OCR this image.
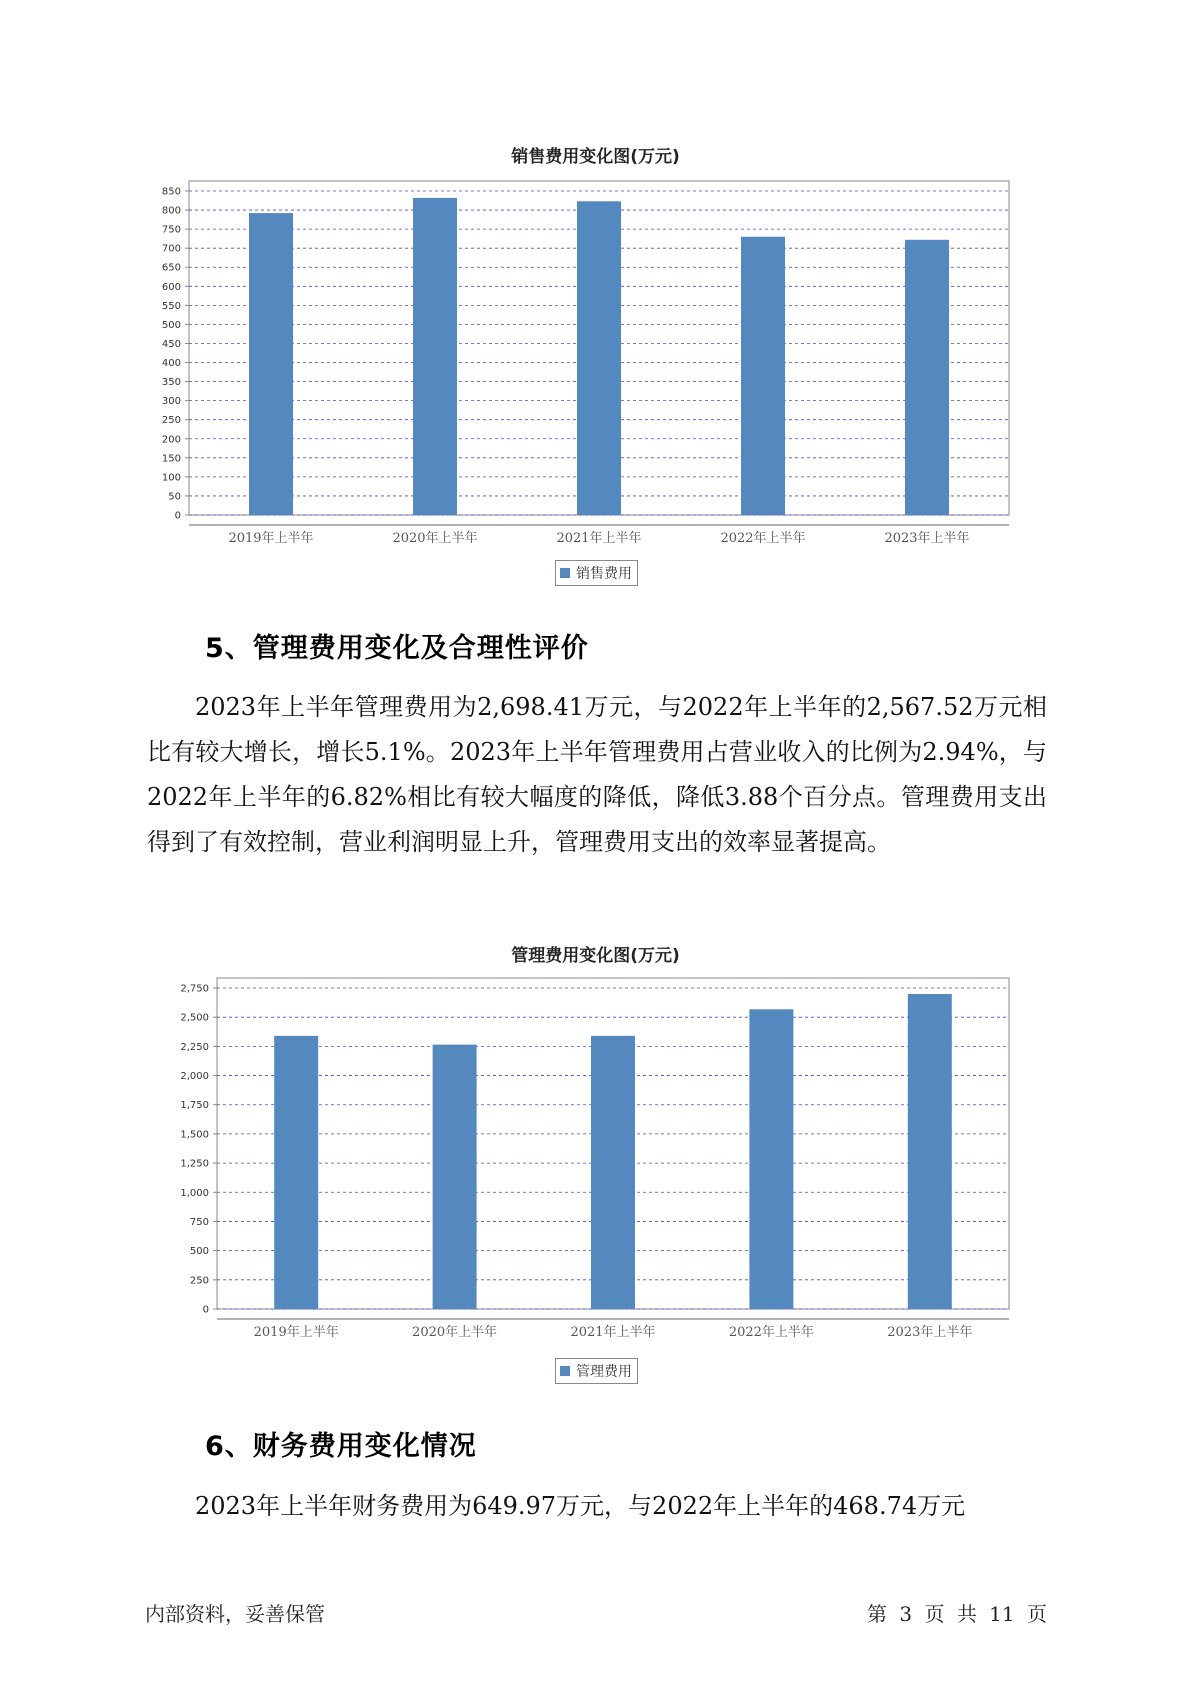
销售费用变化图(万元)
0
50
100
150
200
250
300
350
400
450
500
550
600
650
700
750
800
850
2019年上半年	2020年上半年	2021年上半年	2022年上半年	2023年上半年
销售费用
5、管理费用变化及合理性评价

2023年上半年管理费用为2,698.41万元，与2022年上半年的2,567.52万元相比有较大增长，增长5.1%。2023年上半年管理费用占营业收入的比例为2.94%，与2022年上半年的6.82%相比有较大幅度的降低，降低3.88个百分点。管理费用支出得到了有效控制，营业利润明显上升，管理费用支出的效率显著提高。

管理费用变化图(万元)
0
250
500
750
1,000
1,250
1,500
1,750
2,000
2,250
2,500
2,750
2019年上半年	2020年上半年	2021年上半年	2022年上半年	2023年上半年
管理费用
6、财务费用变化情况

2023年上半年财务费用为649.97万元，与2022年上半年的468.74万元

内部资料，妥善保管	第 3 页 共 11 页
